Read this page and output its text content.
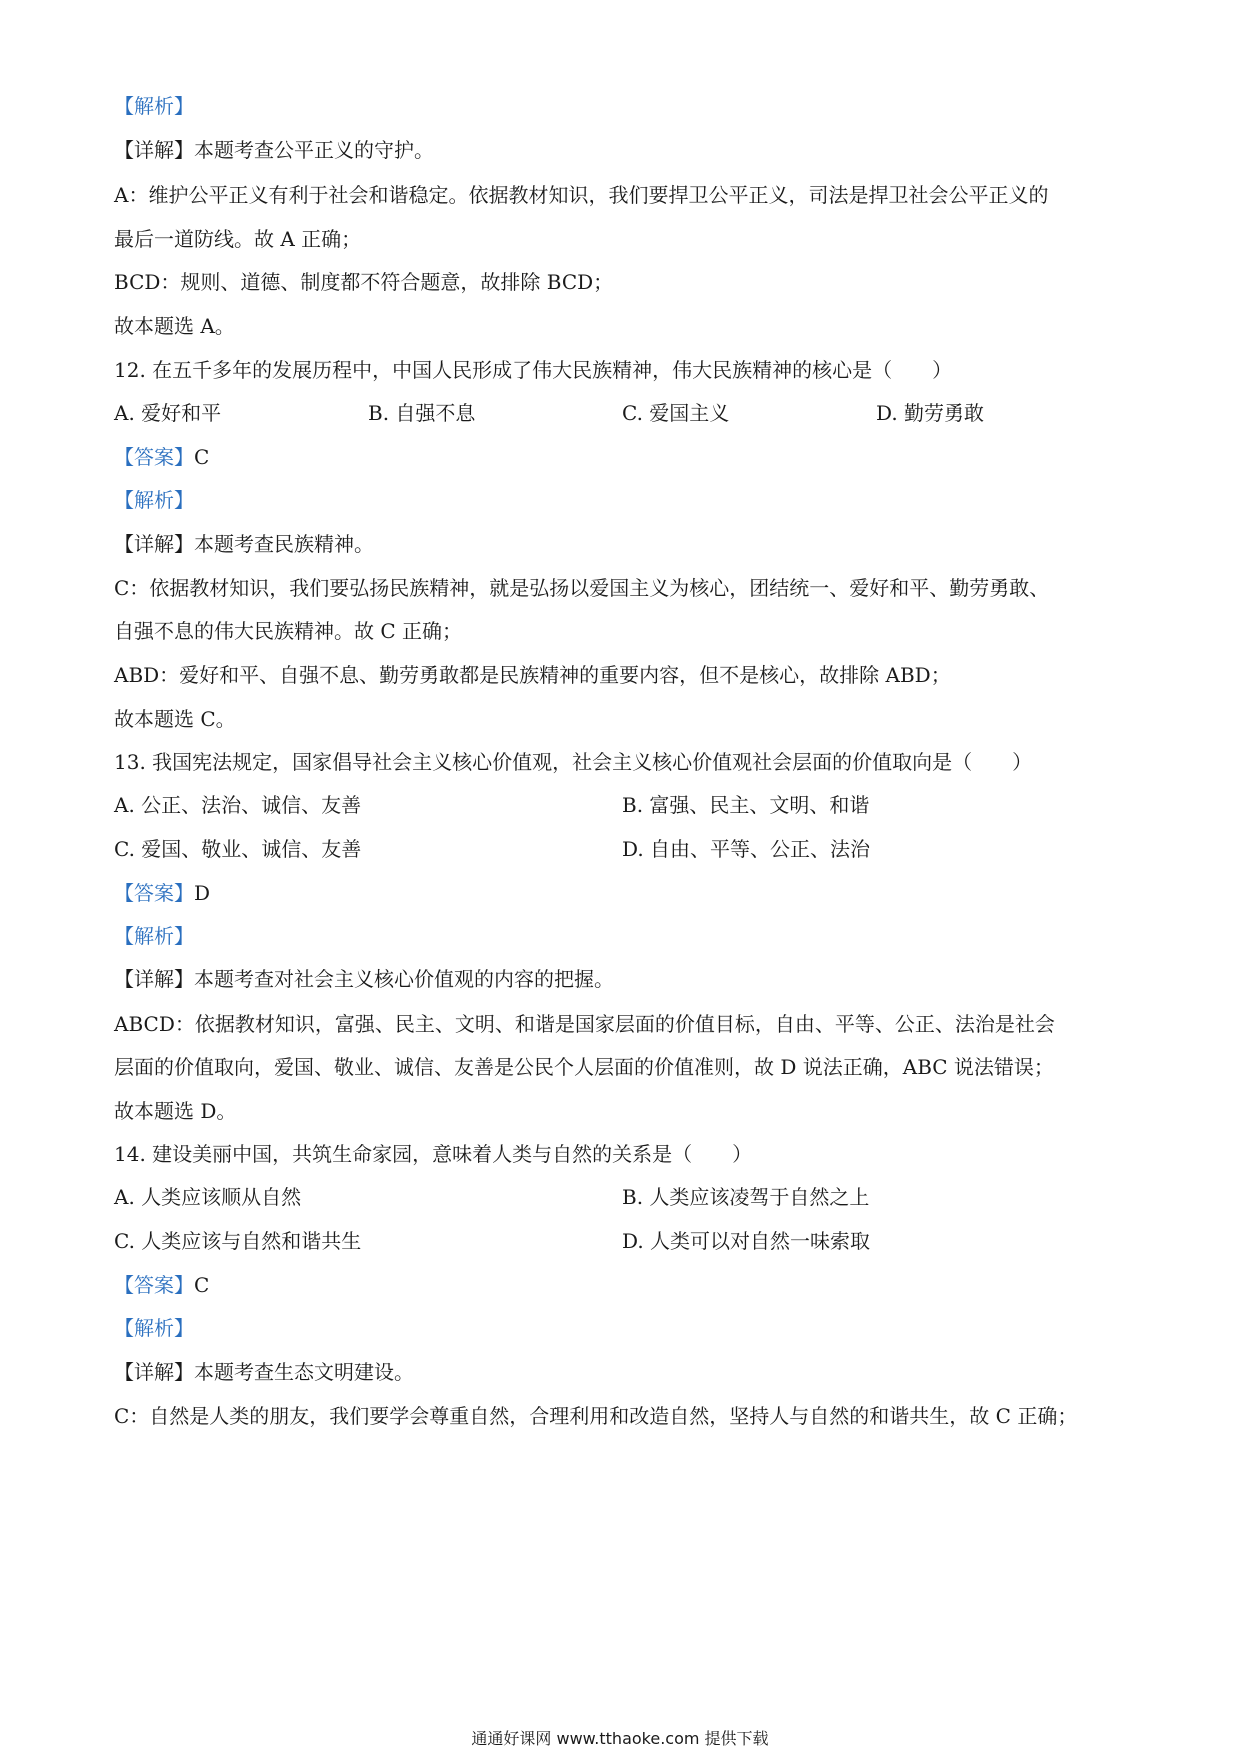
【解析】
【详解】本题考查公平正义的守护。
A：维护公平正义有利于社会和谐稳定。依据教材知识，我们要捍卫公平正义，司法是捍卫社会公平正义的
最后一道防线。故 A 正确；
BCD：规则、道德、制度都不符合题意，故排除 BCD；
故本题选 A。
12. 在五千多年的发展历程中，中国人民形成了伟大民族精神，伟大民族精神的核心是（　　）
A. 爱好和平	B. 自强不息	C. 爱国主义	D. 勤劳勇敢
【答案】C
【解析】
【详解】本题考查民族精神。
C：依据教材知识，我们要弘扬民族精神，就是弘扬以爱国主义为核心，团结统一、爱好和平、勤劳勇敢、
自强不息的伟大民族精神。故 C 正确；
ABD：爱好和平、自强不息、勤劳勇敢都是民族精神的重要内容，但不是核心，故排除 ABD；
故本题选 C。
13. 我国宪法规定，国家倡导社会主义核心价值观，社会主义核心价值观社会层面的价值取向是（　　）
A. 公正、法治、诚信、友善	B. 富强、民主、文明、和谐
C. 爱国、敬业、诚信、友善	D. 自由、平等、公正、法治
【答案】D
【解析】
【详解】本题考查对社会主义核心价值观的内容的把握。
ABCD：依据教材知识，富强、民主、文明、和谐是国家层面的价值目标，自由、平等、公正、法治是社会
层面的价值取向，爱国、敬业、诚信、友善是公民个人层面的价值准则，故 D 说法正确，ABC 说法错误；
故本题选 D。
14. 建设美丽中国，共筑生命家园，意味着人类与自然的关系是（　　）
A. 人类应该顺从自然	B. 人类应该凌驾于自然之上
C. 人类应该与自然和谐共生	D. 人类可以对自然一味索取
【答案】C
【解析】
【详解】本题考查生态文明建设。
C：自然是人类的朋友，我们要学会尊重自然，合理利用和改造自然，坚持人与自然的和谐共生，故 C 正确；
通通好课网 www.tthaoke.com 提供下载
